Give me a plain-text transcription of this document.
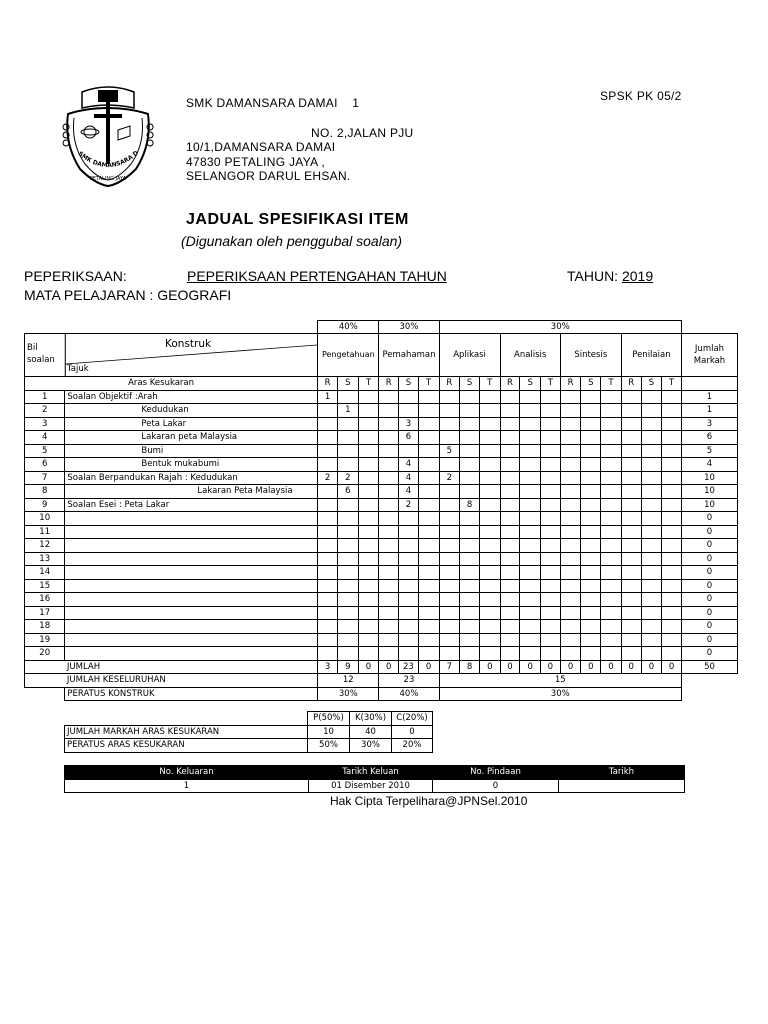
SMK DAMANSARA D
PETALING JAYA
SMK DAMANSARA DAMAI 1	SPSK PK 05/2
NO. 2,JALAN PJU
10/1,DAMANSARA DAMAI
47830 PETALING JAYA ,
SELANGOR DARUL EHSAN.
JADUAL SPESIFIKASI ITEM
(Digunakan oleh penggubal soalan)
PEPERIKSAAN:	PEPERIKSAAN PERTENGAHAN TAHUN	TAHUN: 2019
MATA PELAJARAN : GEOGRAFI
		40%			30%			30%												

Bil
soalan
Konstruk
Tajuk		Pengetahuan			Pemahaman			Aplikasi			Analisis			Sintesis			Penilaian			Jumlah
Markah
	Aras Kesukaran	R	S	T	R	S	T	R	S	T	R	S	T	R	S	T	R	S	T	
1	Soalan Objektif :Arah	1																		1
2	Kedudukan		1																	1
3	Peta Lakar					3														3
4	Lakaran peta Malaysia					6														6
5	Bumi							5												5
6	Bentuk mukabumi					4														4
7	Soalan Berpandukan Rajah : Kedudukan	2	2			4		2												10
8	Lakaran Peta Malaysia		6			4														10
9	Soalan Esei : Peta Lakar					2			8											10
10																				0
11																				0
12																				0
13																				0
14																				0
15																				0
16																				0
17																				0
18																				0
19																				0
20																				0
	JUMLAH	3	9	0	0	23	0	7	8	0	0	0	0	0	0	0	0	0	0	50
	JUMLAH KESELURUHAN	12			23			15												
	PERATUS KONSTRUK	30%			40%			30%												
	P(50%)	K(30%)	C(20%)
JUMLAH MARKAH ARAS KESUKARAN	10	40	0
PERATUS ARAS KESUKARAN	50%	30%	20%
No. Keluaran	Tarikh Keluan	No. Pindaan	Tarikh
1	01 Disember 2010	0	
Hak Cipta Terpelihara@JPNSel.2010
